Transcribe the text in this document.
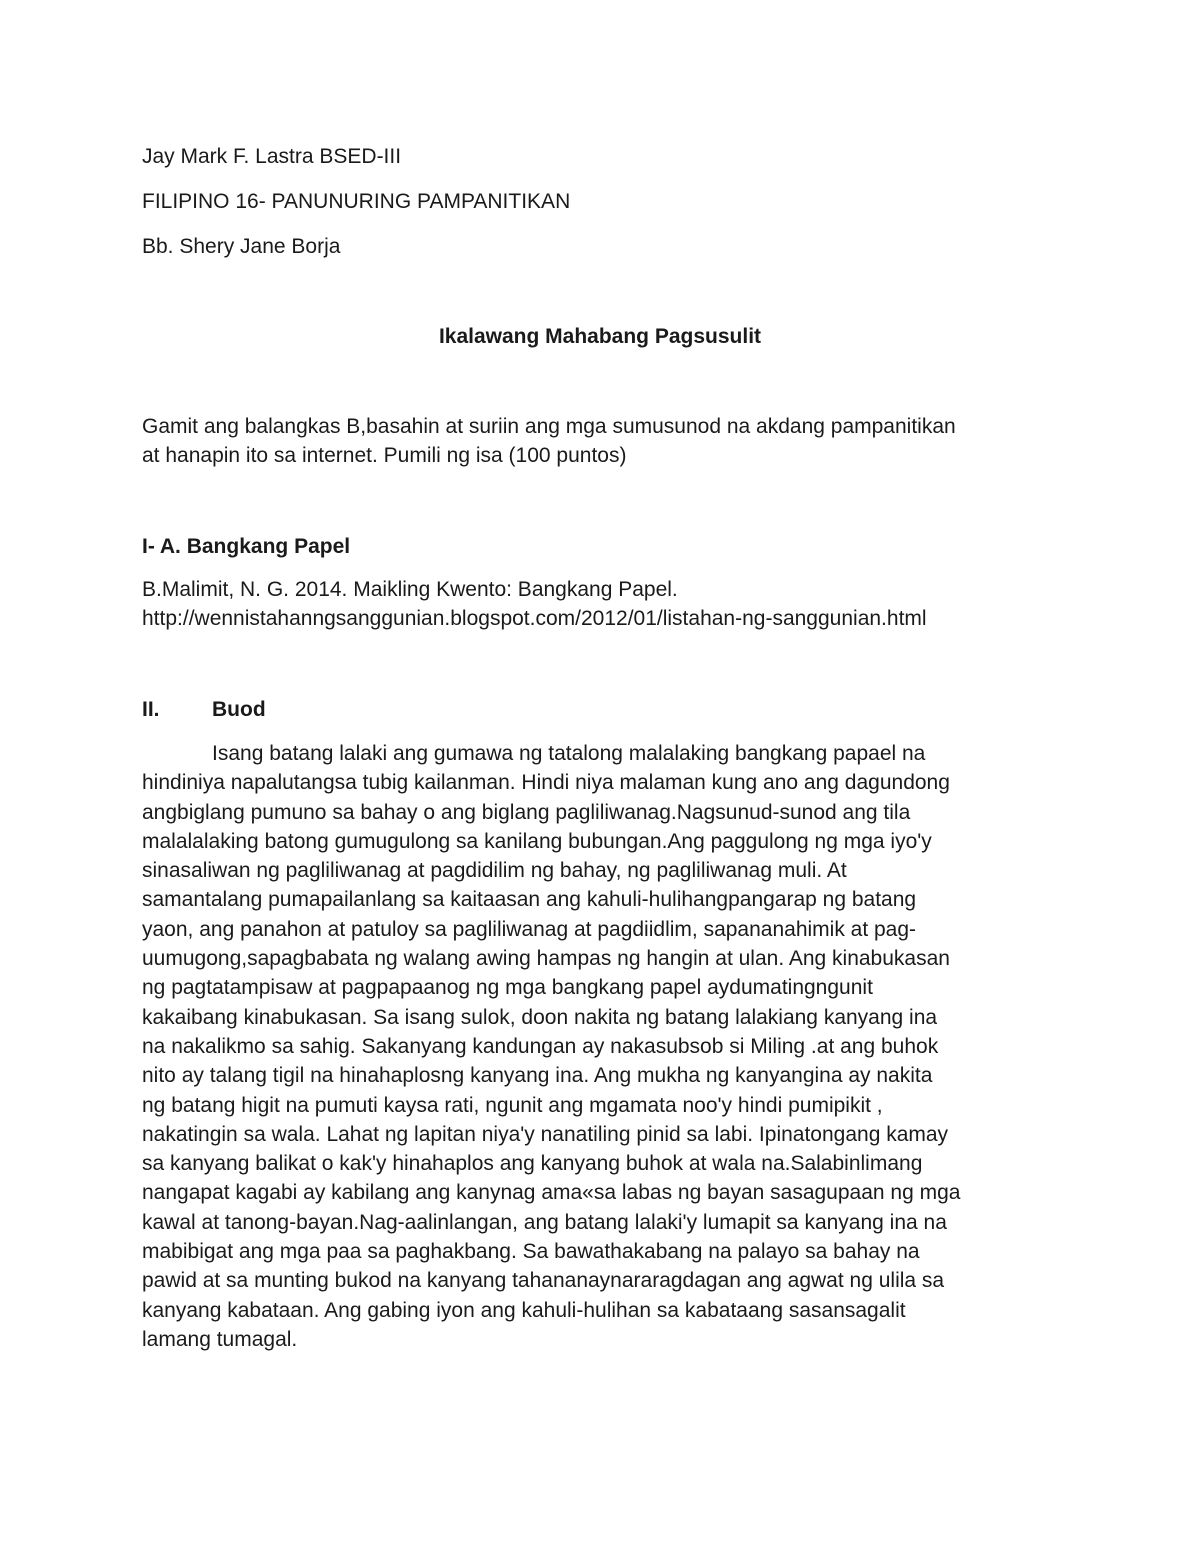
Jay Mark F. Lastra BSED-III
FILIPINO 16- PANUNURING PAMPANITIKAN
Bb. Shery Jane Borja
Ikalawang Mahabang Pagsusulit

Gamit ang balangkas B,basahin at suriin ang mga sumusunod na akdang pampanitikan

at hanapin ito sa internet. Pumili ng isa (100 puntos)

I- A. Bangkang Papel

B.Malimit, N. G. 2014. Maikling Kwento: Bangkang Papel.

http://wennistahanngsanggunian.blogspot.com/2012/01/listahan-ng-sanggunian.html

II. Buod

Isang batang lalaki ang gumawa ng tatalong malalaking bangkang papael na

hindiniya napalutangsa tubig kailanman. Hindi niya malaman kung ano ang dagundong

angbiglang pumuno sa bahay o ang biglang pagliliwanag.Nagsunud-sunod ang tila

malalalaking batong gumugulong sa kanilang bubungan.Ang paggulong ng mga iyo'y

sinasaliwan ng pagliliwanag at pagdidilim ng bahay, ng pagliliwanag muli. At

samantalang pumapailanlang sa kaitaasan ang kahuli-hulihangpangarap ng batang

yaon, ang panahon at patuloy sa pagliliwanag at pagdiidlim, sapananahimik at pag-

uumugong,sapagbabata ng walang awing hampas ng hangin at ulan. Ang kinabukasan

ng pagtatampisaw at pagpapaanog ng mga bangkang papel aydumatingngunit

kakaibang kinabukasan. Sa isang sulok, doon nakita ng batang lalakiang kanyang ina

na nakalikmo sa sahig. Sakanyang kandungan ay nakasubsob si Miling .at ang buhok

nito ay talang tigil na hinahaplosng kanyang ina. Ang mukha ng kanyangina ay nakita

ng batang higit na pumuti kaysa rati, ngunit ang mgamata noo'y hindi pumipikit ,

nakatingin sa wala. Lahat ng lapitan niya'y nanatiling pinid sa labi. Ipinatongang kamay

sa kanyang balikat o kak'y hinahaplos ang kanyang buhok at wala na.Salabinlimang

nangapat kagabi ay kabilang ang kanynag ama«sa labas ng bayan sasagupaan ng mga

kawal at tanong-bayan.Nag-aalinlangan, ang batang lalaki'y lumapit sa kanyang ina na

mabibigat ang mga paa sa paghakbang. Sa bawathakabang na palayo sa bahay na

pawid at sa munting bukod na kanyang tahananaynararagdagan ang agwat ng ulila sa

kanyang kabataan. Ang gabing iyon ang kahuli-hulihan sa kabataang sasansagalit

lamang tumagal.
